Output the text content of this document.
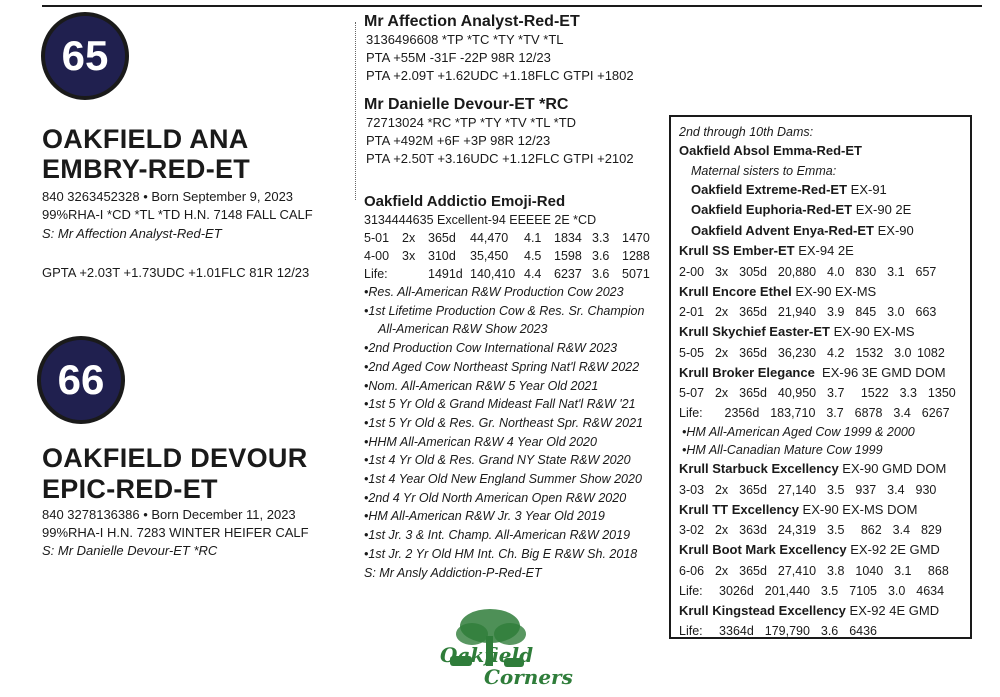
65
OAKFIELD ANA
EMBRY-RED-ET
840 3263452328 • Born September 9, 2023
99%RHA-I *CD *TL *TD H.N. 7148 FALL CALF
S: Mr Affection Analyst-Red-ET
GPTA +2.03T +1.73UDC +1.01FLC 81R 12/23
66
OAKFIELD DEVOUR
EPIC-RED-ET
840 3278136386 • Born December 11, 2023
99%RHA-I H.N. 7283 WINTER HEIFER CALF
S: Mr Danielle Devour-ET *RC
Mr Affection Analyst-Red-ET
3136496608 *TP *TC *TY *TV *TL
PTA +55M -31F -22P 98R 12/23
PTA +2.09T +1.62UDC +1.18FLC GTPI +1802
Mr Danielle Devour-ET *RC
72713024 *RC *TP *TY *TV *TL *TD
PTA +492M +6F +3P 98R 12/23
PTA +2.50T +3.16UDC +1.12FLC GTPI +2102
Oakfield Addictio Emoji-Red
3134444635 Excellent-94 EEEEE 2E *CD
5-01	2x	365d	44,470	4.1	1834 3.3	1470
4-00	3x	310d	35,450	4.5	1598 3.6	1288
Life:	1491d 140,410 4.4	6237 3.6	5071
•Res. All-American R&W Production Cow 2023
•1st Lifetime Production Cow & Res. Sr. Champion
All-American R&W Show 2023
•2nd Production Cow International R&W 2023
•2nd Aged Cow Northeast Spring Nat'l R&W 2022
•Nom. All-American R&W 5 Year Old 2021
•1st 5 Yr Old & Grand Mideast Fall Nat'l R&W '21
•1st 5 Yr Old & Res. Gr. Northeast Spr. R&W 2021
•HHM All-American R&W 4 Year Old 2020
•1st 4 Yr Old & Res. Grand NY State R&W 2020
•1st 4 Year Old New England Summer Show 2020
•2nd 4 Yr Old North American Open R&W 2020
•HM All-American R&W Jr. 3 Year Old 2019
•1st Jr. 3 & Int. Champ. All-American R&W 2019
•1st Jr. 2 Yr Old HM Int. Ch. Big E R&W Sh. 2018
S: Mr Ansly Addiction-P-Red-ET
2nd through 10th Dams:
Oakfield Absol Emma-Red-ET
Maternal sisters to Emma:
Oakfield Extreme-Red-ET EX-91
Oakfield Euphoria-Red-ET EX-90 2E
Oakfield Advent Enya-Red-ET EX-90
Krull SS Ember-ET EX-94 2E
2-00  3x  305d  20,880  4.0  830  3.1  657
Krull Encore Ethel EX-90 EX-MS
2-01  2x  365d  21,940  3.9  845  3.0  663
Krull Skychief Easter-ET EX-90 EX-MS
5-05  2x  365d  36,230  4.2  1532  3.0 1082
Krull Broker Elegance  EX-96 3E GMD DOM
5-07  2x  365d  40,950  3.7   1522  3.3  1350
Life:    2356d  183,710  3.7  6878  3.4  6267
•HM All-American Aged Cow 1999 & 2000
•HM All-Canadian Mature Cow 1999
Krull Starbuck Excellency EX-90 GMD DOM
3-03  2x  365d  27,140  3.5  937  3.4  930
Krull TT Excellency EX-90 EX-MS DOM
3-02  2x  363d  24,319  3.5   862  3.4  829
Krull Boot Mark Excellency EX-92 2E GMD
6-06  2x  365d  27,410  3.8  1040  3.1   868
Life:   3026d  201,440  3.5  7105  3.0  4634
Krull Kingstead Excellency EX-92 4E GMD
Life:   3364d  179,790  3.6  6436
Oakfield
Corners
